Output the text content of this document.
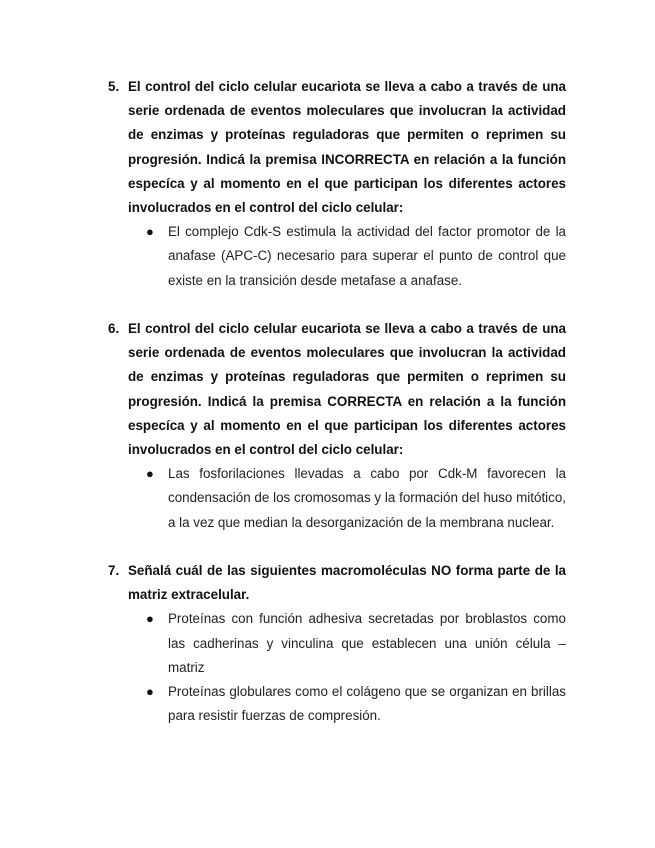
5. El control del ciclo celular eucariota se lleva a cabo a través de una serie ordenada de eventos moleculares que involucran la actividad de enzimas y proteínas reguladoras que permiten o reprimen su progresión. Indicá la premisa INCORRECTA en relación a la función especíca y al momento en el que participan los diferentes actores involucrados en el control del ciclo celular:
●	El complejo Cdk-S estimula la actividad del factor promotor de la anafase (APC-C) necesario para superar el punto de control que existe en la transición desde metafase a anafase.
6. El control del ciclo celular eucariota se lleva a cabo a través de una serie ordenada de eventos moleculares que involucran la actividad de enzimas y proteínas reguladoras que permiten o reprimen su progresión. Indicá la premisa CORRECTA en relación a la función especíca y al momento en el que participan los diferentes actores involucrados en el control del ciclo celular:
●	Las fosforilaciones llevadas a cabo por Cdk-M favorecen la condensación de los cromosomas y la formación del huso mitótico, a la vez que median la desorganización de la membrana nuclear.
7. Señalá cuál de las siguientes macromoléculas NO forma parte de la matriz extracelular.
●	Proteínas con función adhesiva secretadas por broblastos como las cadherinas y vinculina que establecen una unión célula – matriz
●	Proteínas globulares como el colágeno que se organizan en brillas para resistir fuerzas de compresión.
